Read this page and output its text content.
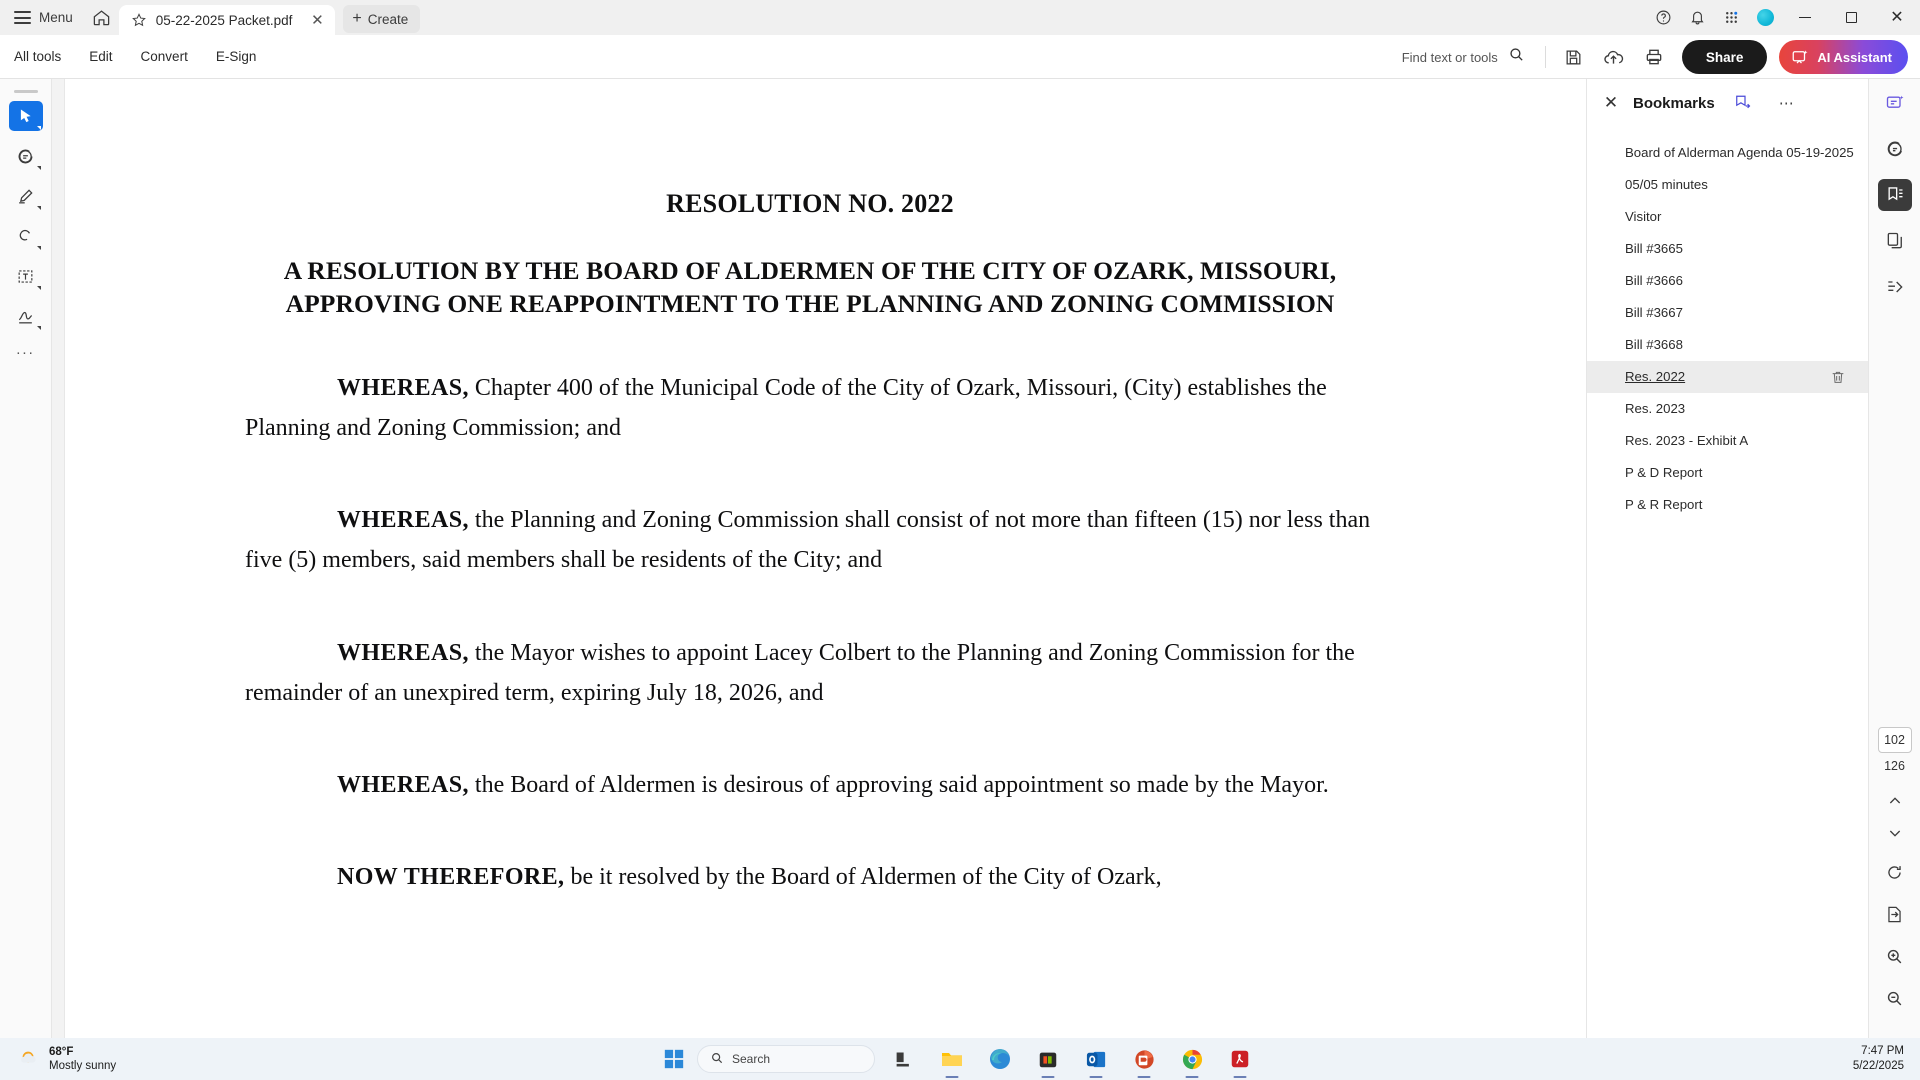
Menu	05-22-2025 Packet.pdf ✕ + Create	✕
All tools	Edit	Convert	E-Sign	Find text or tools	Share	AI Assistant
...
RESOLUTION NO. 2022
A RESOLUTION BY THE BOARD OF ALDERMEN OF THE CITY OF OZARK, MISSOURI, APPROVING ONE REAPPOINTMENT TO THE PLANNING AND ZONING COMMISSION

WHEREAS, Chapter 400 of the Municipal Code of the City of Ozark, Missouri, (City) establishes the Planning and Zoning Commission; and

WHEREAS, the Planning and Zoning Commission shall consist of not more than fifteen (15) nor less than five (5) members, said members shall be residents of the City; and

WHEREAS, the Mayor wishes to appoint Lacey Colbert to the Planning and Zoning Commission for the remainder of an unexpired term, expiring July 18, 2026, and

WHEREAS, the Board of Aldermen is desirous of approving said appointment so made by the Mayor.

NOW THEREFORE, be it resolved by the Board of Aldermen of the City of Ozark,

✕ Bookmarks	⋯
Board of Alderman Agenda 05-19-2025
05/05 minutes
Visitor
Bill #3665
Bill #3666
Bill #3667
Bill #3668
Res. 2022
Res. 2023
Res. 2023 - Exhibit A
P & D Report
P & R Report
102
126
68°F
Mostly sunny	Search
7:47 PM
5/22/2025
